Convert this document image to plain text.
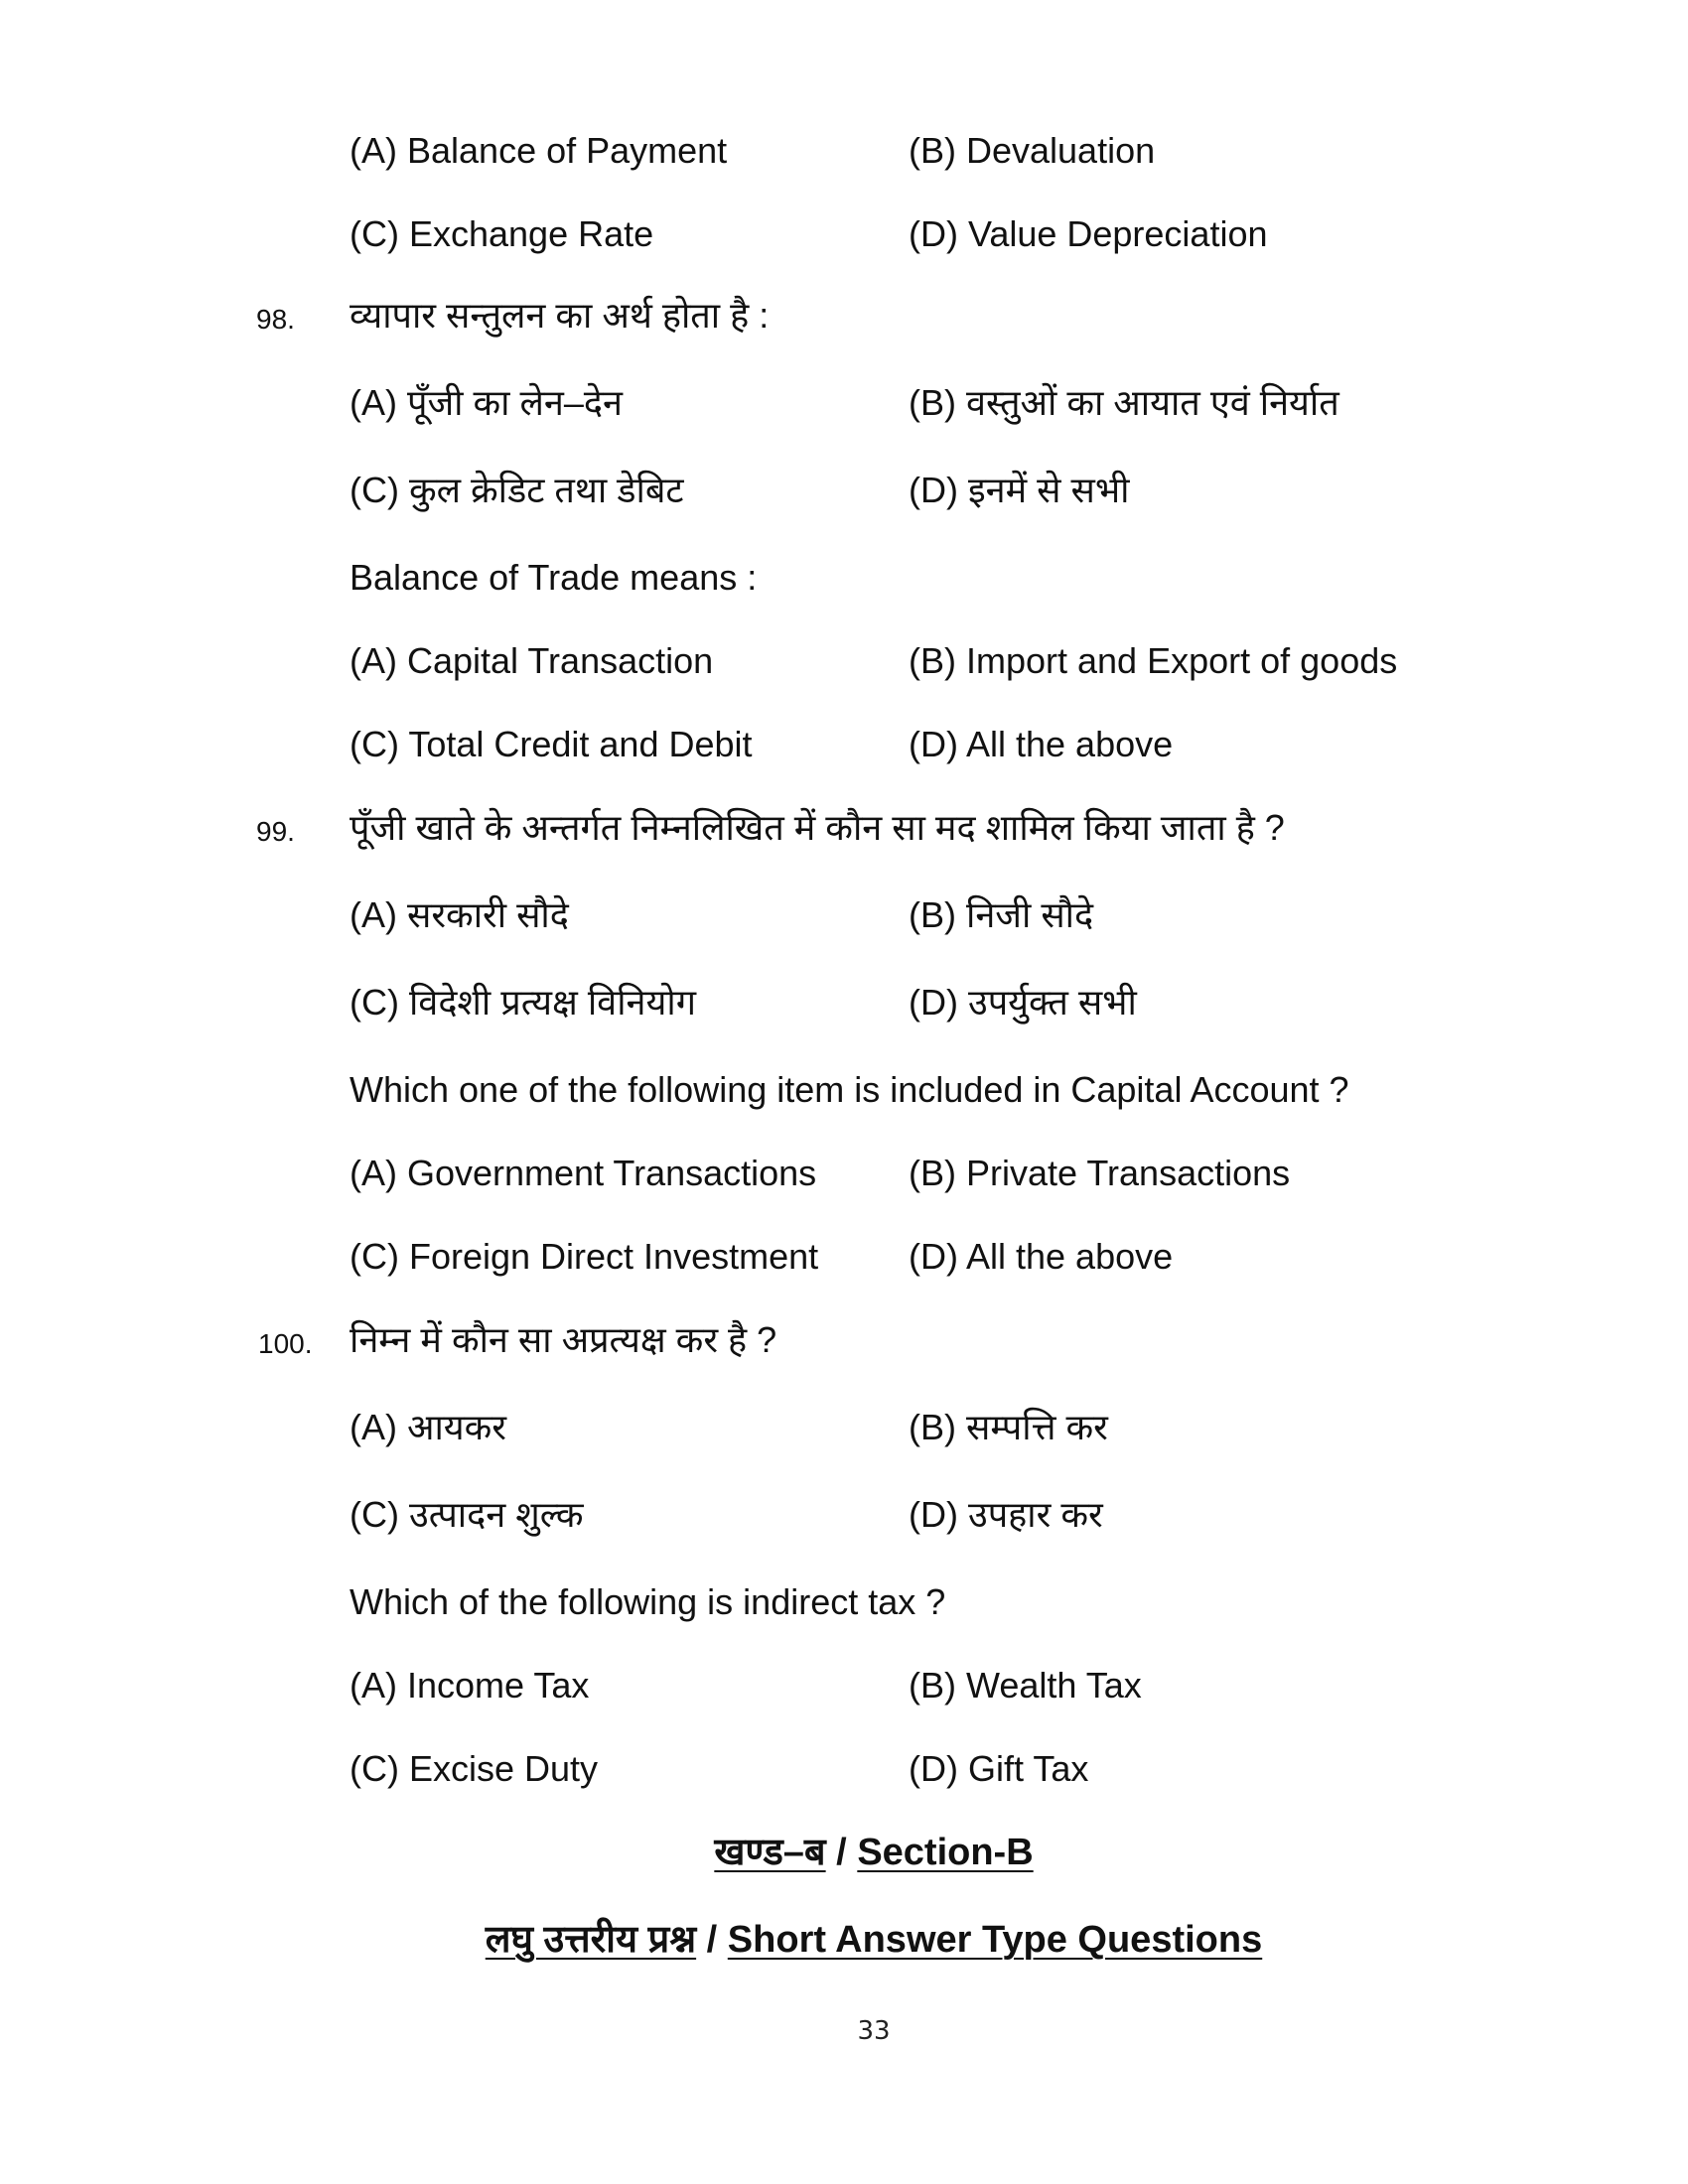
(A) Balance of Payment	(B) Devaluation
(C) Exchange Rate	(D) Value Depreciation
98. व्यापार सन्तुलन का अर्थ होता है :
(A) पूँजी का लेन–देन	(B) वस्तुओं का आयात एवं निर्यात
(C) कुल क्रेडिट तथा डेबिट	(D) इनमें से सभी
Balance of Trade means :
(A) Capital Transaction	(B) Import and Export of goods
(C) Total Credit and Debit	(D) All the above
99. पूँजी खाते के अन्तर्गत निम्नलिखित में कौन सा मद शामिल किया जाता है ?
(A) सरकारी सौदे	(B) निजी सौदे
(C) विदेशी प्रत्यक्ष विनियोग	(D) उपर्युक्त सभी
Which one of the following item is included in Capital Account ?
(A) Government Transactions	(B) Private Transactions
(C) Foreign Direct Investment	(D) All the above
100. निम्न में कौन सा अप्रत्यक्ष कर है ?
(A) आयकर	(B) सम्पत्ति कर
(C) उत्पादन शुल्क	(D) उपहार कर
Which of the following is indirect tax ?
(A) Income Tax	(B) Wealth Tax
(C) Excise Duty	(D) Gift Tax
खण्ड–ब / Section-B
लघु उत्तरीय प्रश्न / Short Answer Type Questions
33
